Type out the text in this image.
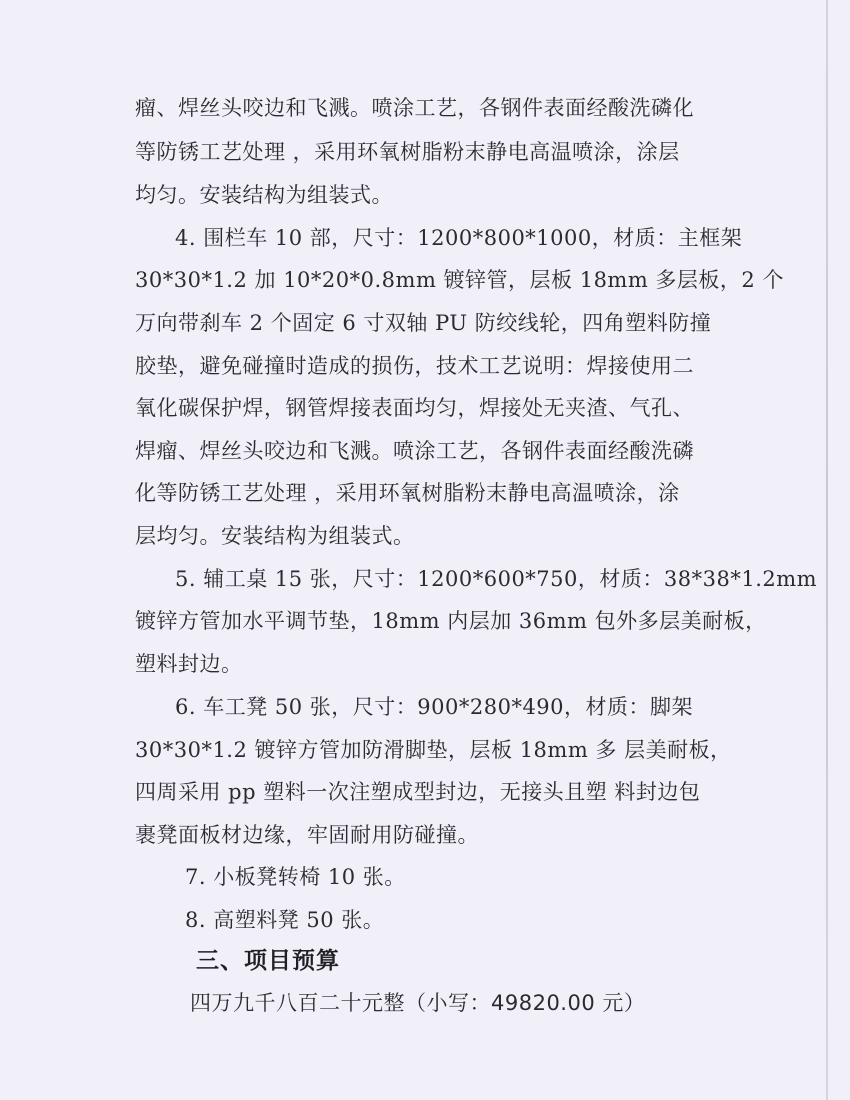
瘤、焊丝头咬边和飞溅。喷涂工艺，各钢件表面经酸洗磷化
等防锈工艺处理 ，采用环氧树脂粉末静电高温喷涂，涂层
均匀。安装结构为组装式。
4. 围栏车 10 部，尺寸：1200*800*1000，材质：主框架
30*30*1.2 加 10*20*0.8mm 镀锌管，层板 18mm 多层板，2 个
万向带刹车 2 个固定 6 寸双轴 PU 防绞线轮，四角塑料防撞
胶垫，避免碰撞时造成的损伤，技术工艺说明：焊接使用二
氧化碳保护焊，钢管焊接表面均匀，焊接处无夹渣、气孔、
焊瘤、焊丝头咬边和飞溅。喷涂工艺，各钢件表面经酸洗磷
化等防锈工艺处理 ，采用环氧树脂粉末静电高温喷涂，涂
层均匀。安装结构为组装式。
5. 辅工桌 15 张，尺寸：1200*600*750，材质：38*38*1.2mm
镀锌方管加水平调节垫，18mm 内层加 36mm 包外多层美耐板，
塑料封边。
6. 车工凳 50 张，尺寸：900*280*490，材质：脚架
30*30*1.2 镀锌方管加防滑脚垫，层板 18mm 多 层美耐板，
四周采用 pp 塑料一次注塑成型封边，无接头且塑 料封边包
裹凳面板材边缘，牢固耐用防碰撞。
7. 小板凳转椅 10 张。
8. 高塑料凳 50 张。
三、项目预算
四万九千八百二十元整（小写：49820.00 元）
